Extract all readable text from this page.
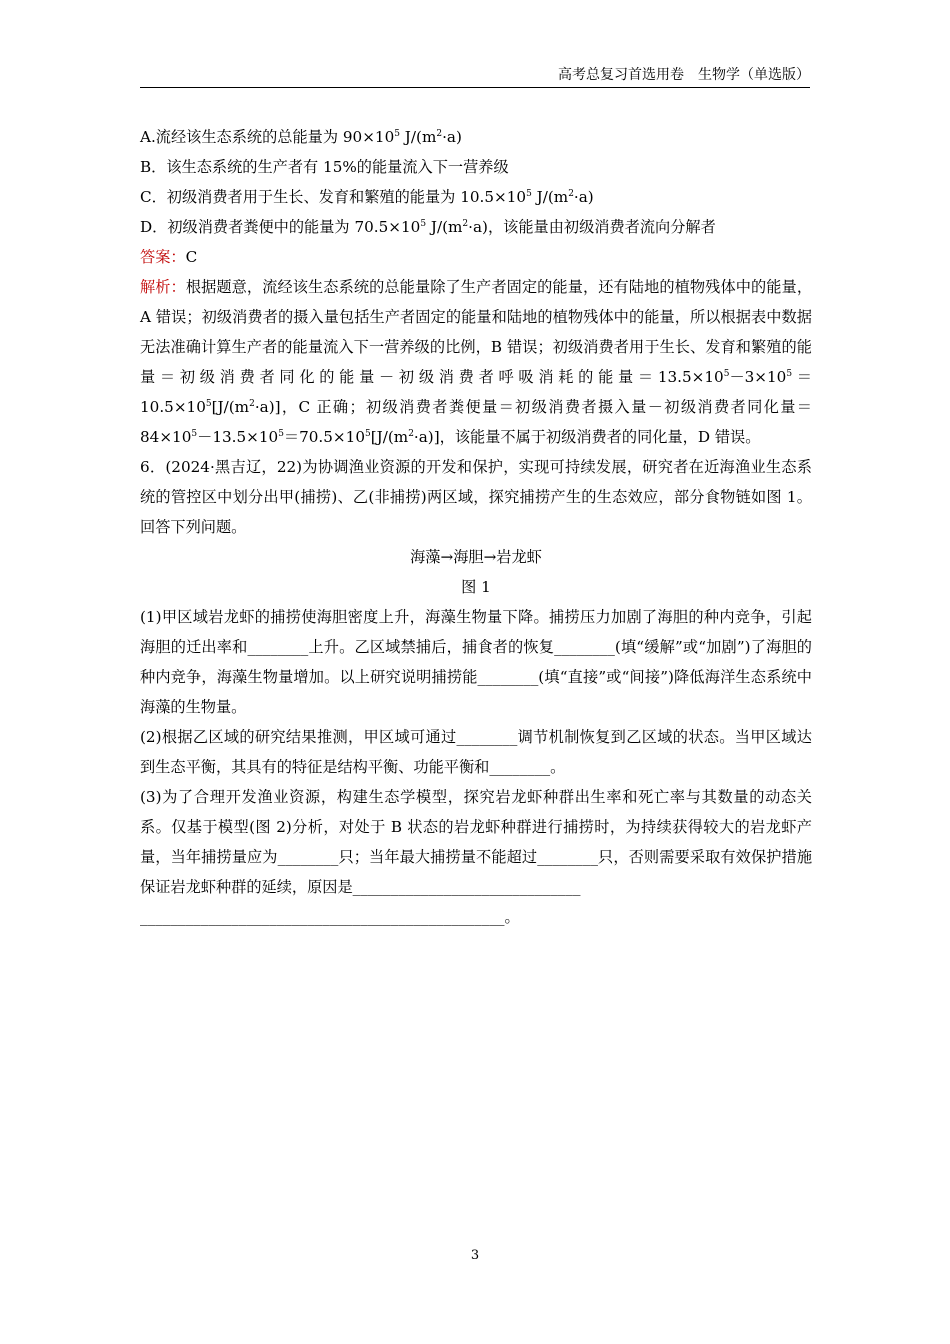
高考总复习首选用卷　生物学（单选版）

A.流经该生态系统的总能量为 $90\times 10^5$ $J/(m^2\cdot a)$

B．该生态系统的生产者有 15%的能量流入下一营养级

C．初级消费者用于生长、发育和繁殖的能量为 $10.5\times 10^5$ $J/(m^2\cdot a)$

D．初级消费者粪便中的能量为 $70.5\times 10^5$ $J/(m^2\cdot a)$，该能量由初级消费者流向分解者

答案：C

解析：根据题意，流经该生态系统的总能量除了生产者固定的能量，还有陆地的植物残体中的能量，A 错误；初级消费者的摄入量包括生产者固定的能量和陆地的植物残体中的能量，所以根据表中数据无法准确计算生产者的能量流入下一营养级的比例，B 错误；初级消费者用于生长、发育和繁殖的能量＝初级消费者同化的能量－初级消费者呼吸消耗的能量$=13.5\times 10^5-3\times 10^5=10.5\times 10^5[J/(m^2\cdot a)]$，C 正确；初级消费者粪便量＝初级消费者摄入量－初级消费者同化量$=84\times 10^5-13.5\times 10^5=70.5\times 10^5[J/(m^2\cdot a)]$，该能量不属于初级消费者的同化量，D 错误。

6．(2024·黑吉辽，22)为协调渔业资源的开发和保护，实现可持续发展，研究者在近海渔业生态系统的管控区中划分出甲(捕捞)、乙(非捕捞)两区域，探究捕捞产生的生态效应，部分食物链如图 1。回答下列问题。

海藻→海胆→岩龙虾

图 1

(1)甲区域岩龙虾的捕捞使海胆密度上升，海藻生物量下降。捕捞压力加剧了海胆的种内竞争，引起海胆的迁出率和________上升。乙区域禁捕后，捕食者的恢复________(填“缓解”或“加剧”)了海胆的种内竞争，海藻生物量增加。以上研究说明捕捞能________(填“直接”或“间接”)降低海洋生态系统中海藻的生物量。

(2)根据乙区域的研究结果推测，甲区域可通过________调节机制恢复到乙区域的状态。当甲区域达到生态平衡，其具有的特征是结构平衡、功能平衡和________。

(3)为了合理开发渔业资源，构建生态学模型，探究岩龙虾种群出生率和死亡率与其数量的动态关系。仅基于模型(图 2)分析，对处于 B 状态的岩龙虾种群进行捕捞时，为持续获得较大的岩龙虾产量，当年捕捞量应为________只；当年最大捕捞量不能超过________只，否则需要采取有效保护措施保证岩龙虾种群的延续，原因是______________________________

________________________________________________。

3
